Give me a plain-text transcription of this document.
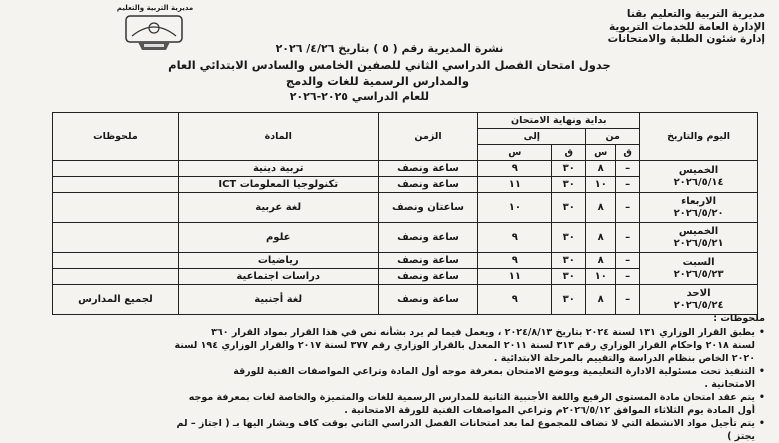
مديرية التربية والتعليم بقنا
الإدارة العامة للخدمات التربوية
إدارة شئون الطلبة والامتحانات
مديرية التربية والتعليم
نشرة المديرية رقم ( ٥ ) بتاريخ ٤/٢٦/ ٢٠٢٦
جدول امتحان الفصل الدراسي الثاني للصفين الخامس والسادس الابتدائي العام
والمدارس الرسمية للغات والدمج
للعام الدراسي ٢٠٢٥-٢٠٢٦
اليوم والتاريخ	بداية ونهاية الامتحان				الزمن	المادة	ملحوظات
	من		إلى				
	ق	س	ق	س			

الخميس
٢٠٢٦/٥/١٤	–	٨	٣٠	٩	ساعة ونصف	تربية دينية	
	–	١٠	٣٠	١١	ساعة ونصف	تكنولوجيا المعلومات ICT	

الاربعاء
٢٠٢٦/٥/٢٠	–	٨	٣٠	١٠	ساعتان ونصف	لغة عربية	

الخميس
٢٠٢٦/٥/٢١	–	٨	٣٠	٩	ساعة ونصف	علوم	

السبت
٢٠٢٦/٥/٢٣	–	٨	٣٠	٩	ساعة ونصف	رياضيات	
	–	١٠	٣٠	١١	ساعة ونصف	دراسات اجتماعية	

الاحد
٢٠٢٦/٥/٢٤	–	٨	٣٠	٩	ساعة ونصف	لغة أجنبية	لجميع المدارس
ملحوظات :
•يطبق القرار الوزاري ١٣١ لسنة ٢٠٢٤ بتاريخ ٢٠٢٤/٨/١٣ ، ويعمل فيما لم يرد بشأنه نص في هذا القرار بمواد القرار ٣٦٠
لسنة ٢٠١٨ واحكام القرار الوزاري رقم ٣١٣ لسنة ٢٠١١ المعدل بالقرار الوزاري رقم ٣٧٧ لسنة ٢٠١٧ والقرار الوزاري ١٩٤ لسنة
٢٠٢٠ الخاص بنظام الدراسة والتقييم بالمرحلة الابتدائية .
•التنفيذ تحت مسئولية الادارة التعليمية ويوضع الامتحان بمعرفة موجه أول المادة وتراعي المواصفات الفنية للورقة
الامتحانية .
•يتم عقد امتحان مادة المستوى الرفيع واللغة الأجنبية الثانية للمدارس الرسمية للغات والمتميزة والخاصة لغات بمعرفة موجه
أول المادة يوم الثلاثاء الموافق ٢٠٢٦/٥/١٢م وتراعي المواصفات الفنية للورقة الامتحانية .
•يتم تأجيل مواد الانشطة التي لا تضاف للمجموع لما بعد امتحانات الفصل الدراسي الثاني بوقت كاف ويشار اليها بـ ( اجتاز – لم
يجتز )
